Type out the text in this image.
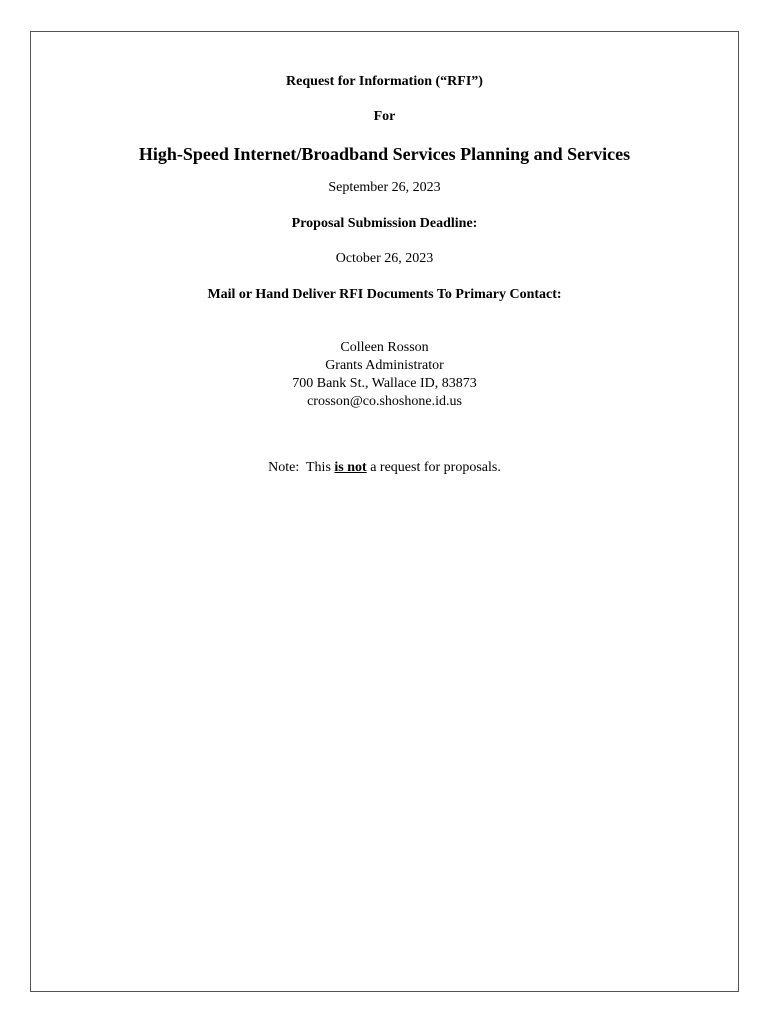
Request for Information (“RFI”)
For
High-Speed Internet/Broadband Services Planning and Services
September 26, 2023
Proposal Submission Deadline:
October 26, 2023
Mail or Hand Deliver RFI Documents To Primary Contact:
Colleen Rosson
Grants Administrator
700 Bank St., Wallace ID, 83873
crosson@co.shoshone.id.us
Note:  This is not a request for proposals.
